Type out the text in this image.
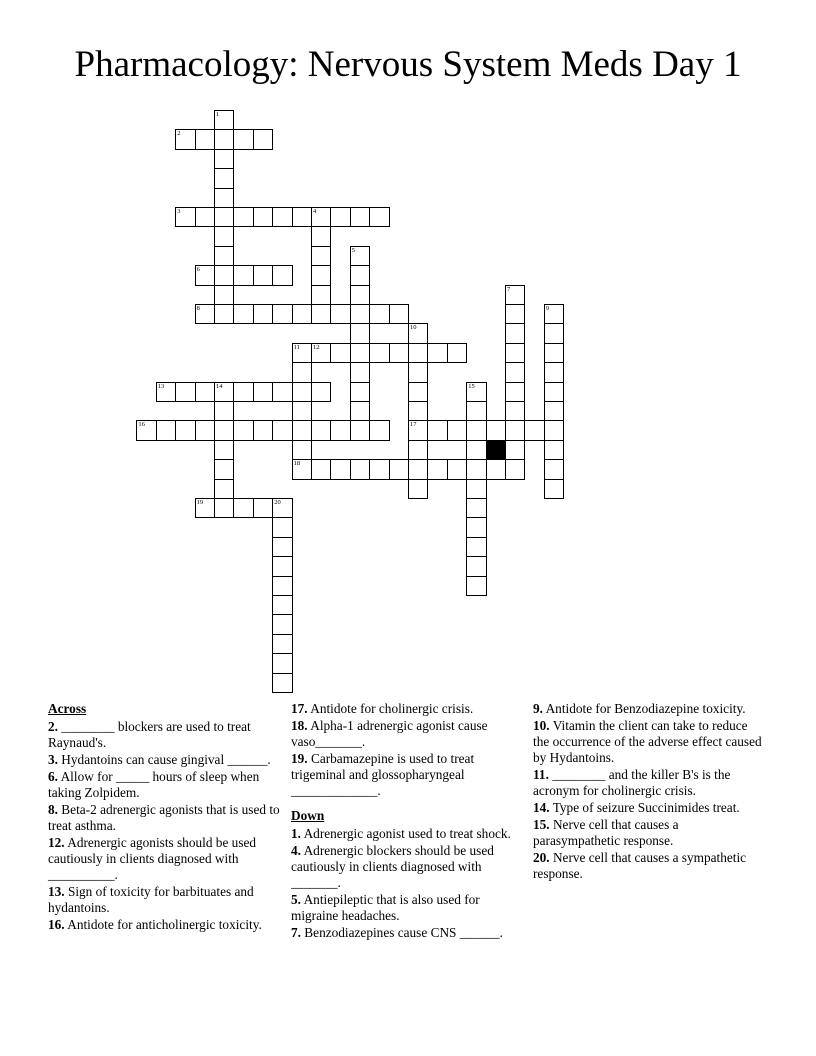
Pharmacology: Nervous System Meds Day 1
1
2
3	4
5
6
7
8	9
10
17
11 12
13	14	15
16
18
19	20
Across
2. ________ blockers are used to treat Raynaud's.
3. Hydantoins can cause gingival ______.
6. Allow for _____ hours of sleep when taking Zolpidem.
8. Beta-2 adrenergic agonists that is used to treat asthma.
12. Adrenergic agonists should be used cautiously in clients diagnosed with __________.
13. Sign of toxicity for barbituates and hydantoins.
16. Antidote for anticholinergic toxicity.
17. Antidote for cholinergic crisis.
18. Alpha-1 adrenergic agonist cause vaso_______.
19. Carbamazepine is used to treat trigeminal and glossopharyngeal _____________.
Down
1. Adrenergic agonist used to treat shock.
4. Adrenergic blockers should be used cautiously in clients diagnosed with _______.
5. Antiepileptic that is also used for migraine headaches.
7. Benzodiazepines cause CNS ______.
9. Antidote for Benzodiazepine toxicity.
10. Vitamin the client can take to reduce the occurrence of the adverse effect caused by Hydantoins.
11. ________ and the killer B's is the acronym for cholinergic crisis.
14. Type of seizure Succinimides treat.
15. Nerve cell that causes a parasympathetic response.
20. Nerve cell that causes a sympathetic response.
